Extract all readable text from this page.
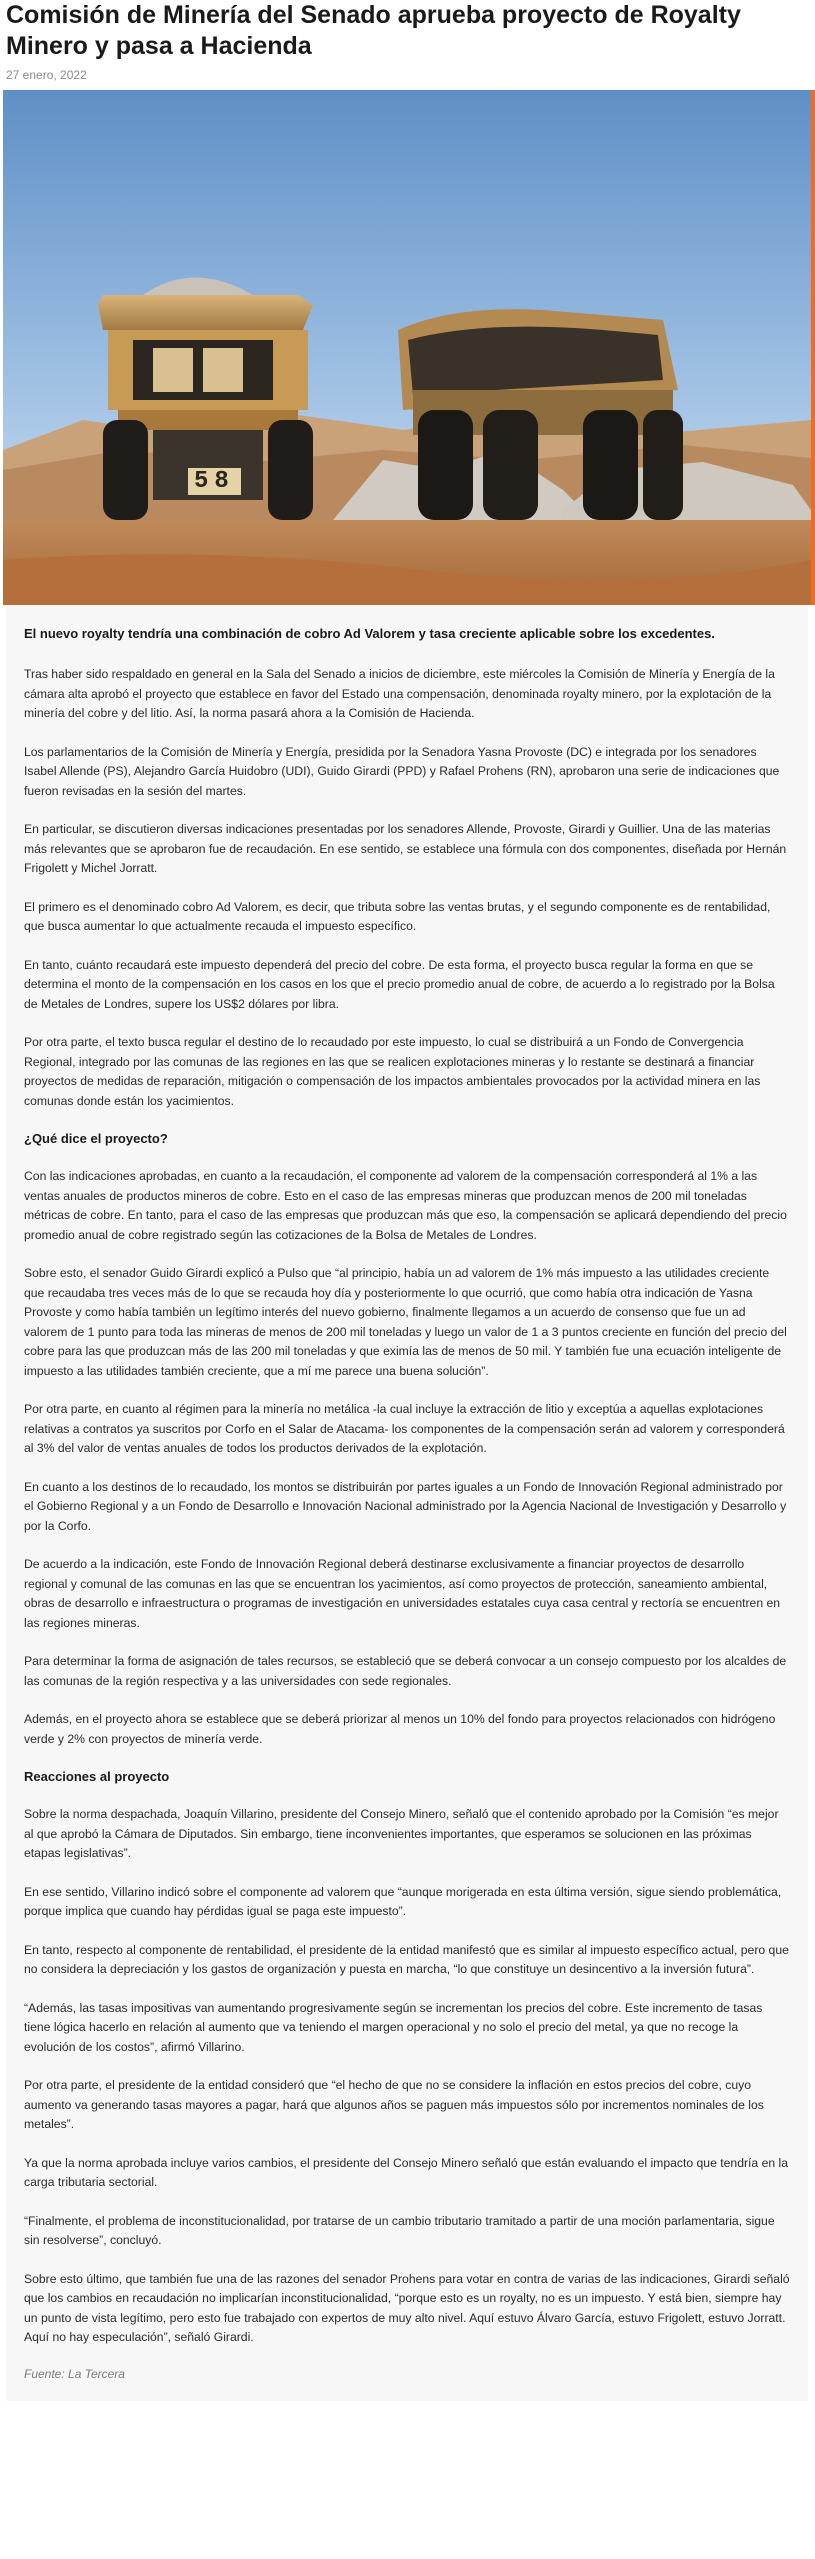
Comisión de Minería del Senado aprueba proyecto de Royalty Minero y pasa a Hacienda
27 enero, 2022
58
El nuevo royalty tendría una combinación de cobro Ad Valorem y tasa creciente aplicable sobre los excedentes.

Tras haber sido respaldado en general en la Sala del Senado a inicios de diciembre, este miércoles la Comisión de Minería y Energía de la cámara alta aprobó el proyecto que establece en favor del Estado una compensación, denominada royalty minero, por la explotación de la minería del cobre y del litio. Así, la norma pasará ahora a la Comisión de Hacienda.

Los parlamentarios de la Comisión de Minería y Energía, presidida por la Senadora Yasna Provoste (DC) e integrada por los senadores Isabel Allende (PS), Alejandro García Huidobro (UDI), Guido Girardi (PPD) y Rafael Prohens (RN), aprobaron una serie de indicaciones que fueron revisadas en la sesión del martes.

En particular, se discutieron diversas indicaciones presentadas por los senadores Allende, Provoste, Girardi y Guillier. Una de las materias más relevantes que se aprobaron fue de recaudación. En ese sentido, se establece una fórmula con dos componentes, diseñada por Hernán Frigolett y Michel Jorratt.

El primero es el denominado cobro Ad Valorem, es decir, que tributa sobre las ventas brutas, y el segundo componente es de rentabilidad, que busca aumentar lo que actualmente recauda el impuesto específico.

En tanto, cuánto recaudará este impuesto dependerá del precio del cobre. De esta forma, el proyecto busca regular la forma en que se determina el monto de la compensación en los casos en los que el precio promedio anual de cobre, de acuerdo a lo registrado por la Bolsa de Metales de Londres, supere los US$2 dólares por libra.

Por otra parte, el texto busca regular el destino de lo recaudado por este impuesto, lo cual se distribuirá a un Fondo de Convergencia Regional, integrado por las comunas de las regiones en las que se realicen explotaciones mineras y lo restante se destinará a financiar proyectos de medidas de reparación, mitigación o compensación de los impactos ambientales provocados por la actividad minera en las comunas donde están los yacimientos.

¿Qué dice el proyecto?

Con las indicaciones aprobadas, en cuanto a la recaudación, el componente ad valorem de la compensación corresponderá al 1% a las ventas anuales de productos mineros de cobre. Esto en el caso de las empresas mineras que produzcan menos de 200 mil toneladas métricas de cobre. En tanto, para el caso de las empresas que produzcan más que eso, la compensación se aplicará dependiendo del precio promedio anual de cobre registrado según las cotizaciones de la Bolsa de Metales de Londres.

Sobre esto, el senador Guido Girardi explicó a Pulso que “al principio, había un ad valorem de 1% más impuesto a las utilidades creciente que recaudaba tres veces más de lo que se recauda hoy día y posteriormente lo que ocurrió, que como había otra indicación de Yasna Provoste y como había también un legítimo interés del nuevo gobierno, finalmente llegamos a un acuerdo de consenso que fue un ad valorem de 1 punto para toda las mineras de menos de 200 mil toneladas y luego un valor de 1 a 3 puntos creciente en función del precio del cobre para las que produzcan más de las 200 mil toneladas y que eximía las de menos de 50 mil. Y también fue una ecuación inteligente de impuesto a las utilidades también creciente, que a mí me parece una buena solución”.

Por otra parte, en cuanto al régimen para la minería no metálica -la cual incluye la extracción de litio y exceptúa a aquellas explotaciones relativas a contratos ya suscritos por Corfo en el Salar de Atacama- los componentes de la compensación serán ad valorem y corresponderá al 3% del valor de ventas anuales de todos los productos derivados de la explotación.

En cuanto a los destinos de lo recaudado, los montos se distribuirán por partes iguales a un Fondo de Innovación Regional administrado por el Gobierno Regional y a un Fondo de Desarrollo e Innovación Nacional administrado por la Agencia Nacional de Investigación y Desarrollo y por la Corfo.

De acuerdo a la indicación, este Fondo de Innovación Regional deberá destinarse exclusivamente a financiar proyectos de desarrollo regional y comunal de las comunas en las que se encuentran los yacimientos, así como proyectos de protección, saneamiento ambiental, obras de desarrollo e infraestructura o programas de investigación en universidades estatales cuya casa central y rectoría se encuentren en las regiones mineras.

Para determinar la forma de asignación de tales recursos, se estableció que se deberá convocar a un consejo compuesto por los alcaldes de las comunas de la región respectiva y a las universidades con sede regionales.

Además, en el proyecto ahora se establece que se deberá priorizar al menos un 10% del fondo para proyectos relacionados con hidrógeno verde y 2% con proyectos de minería verde.

Reacciones al proyecto

Sobre la norma despachada, Joaquín Villarino, presidente del Consejo Minero, señaló que el contenido aprobado por la Comisión “es mejor al que aprobó la Cámara de Diputados. Sin embargo, tiene inconvenientes importantes, que esperamos se solucionen en las próximas etapas legislativas”.

En ese sentido, Villarino indicó sobre el componente ad valorem que “aunque morigerada en esta última versión, sigue siendo problemática, porque implica que cuando hay pérdidas igual se paga este impuesto”.

En tanto, respecto al componente de rentabilidad, el presidente de la entidad manifestó que es similar al impuesto específico actual, pero que no considera la depreciación y los gastos de organización y puesta en marcha, “lo que constituye un desincentivo a la inversión futura”.

“Además, las tasas impositivas van aumentando progresivamente según se incrementan los precios del cobre. Este incremento de tasas tiene lógica hacerlo en relación al aumento que va teniendo el margen operacional y no solo el precio del metal, ya que no recoge la evolución de los costos”, afirmó Villarino.

Por otra parte, el presidente de la entidad consideró que “el hecho de que no se considere la inflación en estos precios del cobre, cuyo aumento va generando tasas mayores a pagar, hará que algunos años se paguen más impuestos sólo por incrementos nominales de los metales”.

Ya que la norma aprobada incluye varios cambios, el presidente del Consejo Minero señaló que están evaluando el impacto que tendría en la carga tributaria sectorial.

“Finalmente, el problema de inconstitucionalidad, por tratarse de un cambio tributario tramitado a partir de una moción parlamentaria, sigue sin resolverse”, concluyó.

Sobre esto último, que también fue una de las razones del senador Prohens para votar en contra de varias de las indicaciones, Girardi señaló que los cambios en recaudación no implicarían inconstitucionalidad, “porque esto es un royalty, no es un impuesto. Y está bien, siempre hay un punto de vista legítimo, pero esto fue trabajado con expertos de muy alto nivel. Aquí estuvo Álvaro García, estuvo Frigolett, estuvo Jorratt. Aquí no hay especulación”, señaló Girardi.

Fuente: La Tercera
